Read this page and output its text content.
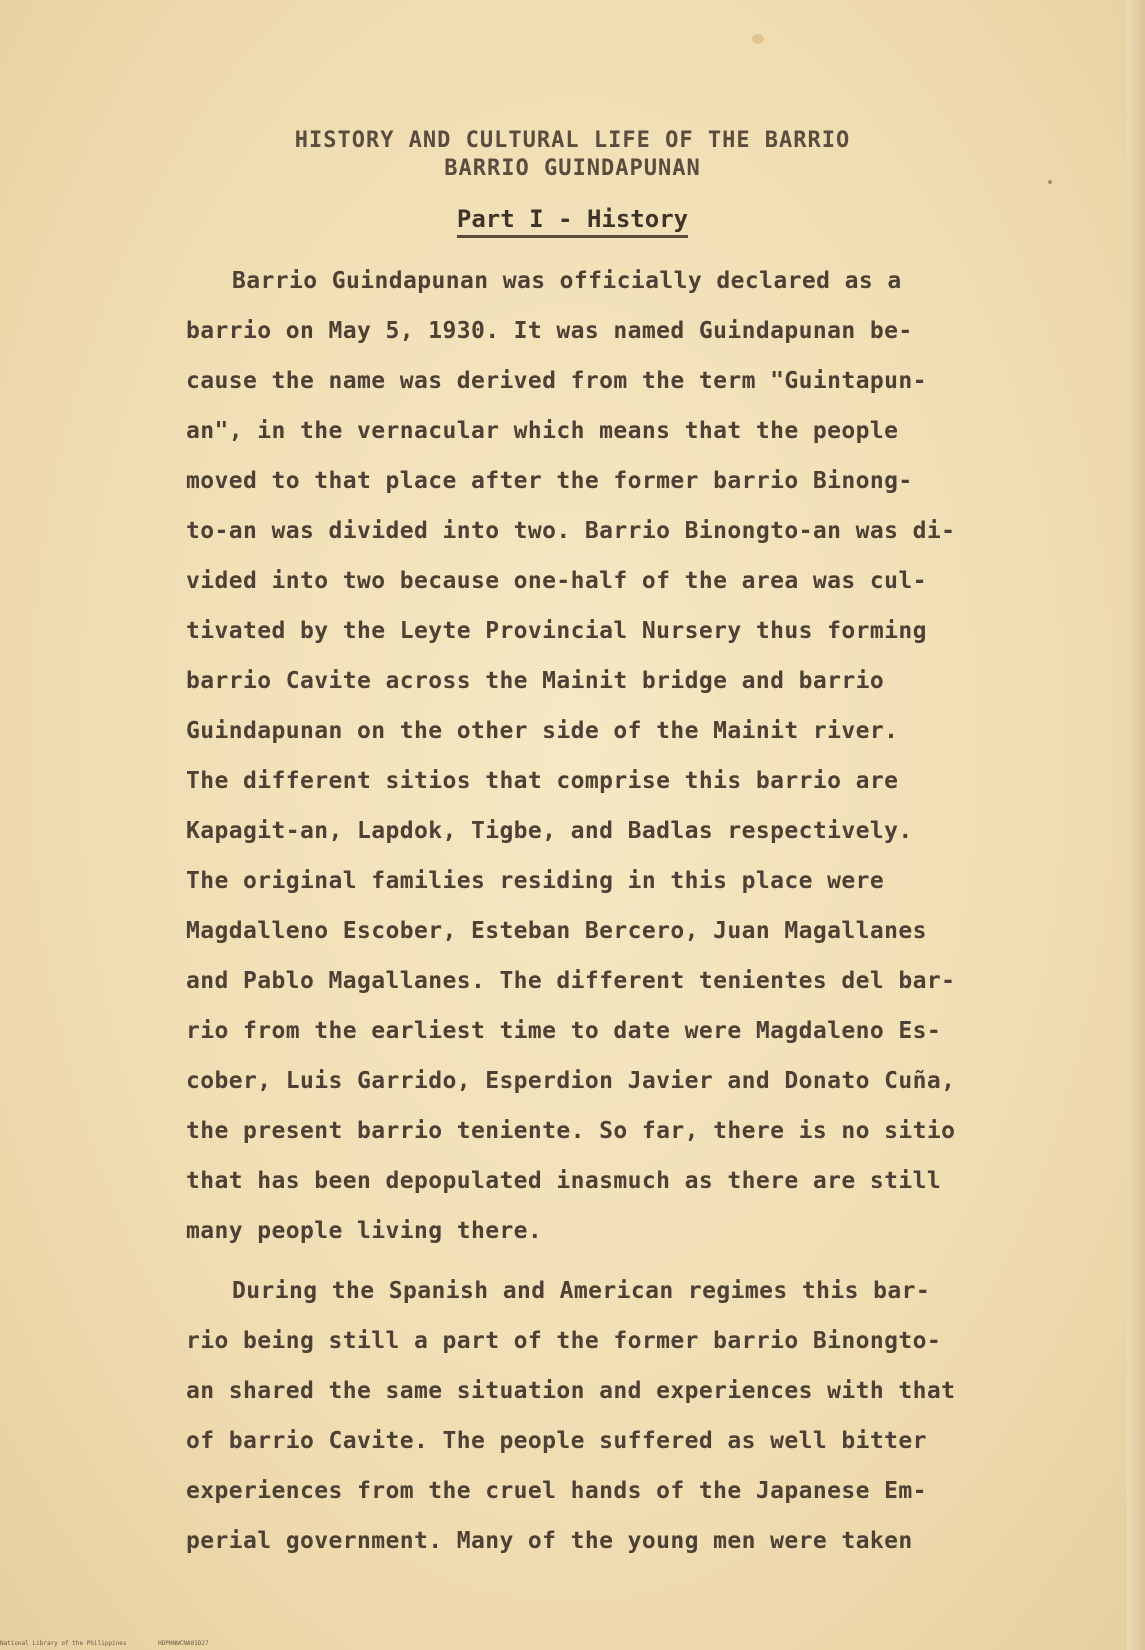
HISTORY AND CULTURAL LIFE OF THE BARRIO
BARRIO GUINDAPUNAN
Part I - History
Barrio Guindapunan was officially declared as a
barrio on May 5, 1930. It was named Guindapunan be-
cause the name was derived from the term "Guintapun-
an", in the vernacular which means that the people
moved to that place after the former barrio Binong-
to-an was divided into two. Barrio Binongto-an was di-
vided into two because one-half of the area was cul-
tivated by the Leyte Provincial Nursery thus forming
barrio Cavite across the Mainit bridge and barrio
Guindapunan on the other side of the Mainit river.
The different sitios that comprise this barrio are
Kapagit-an, Lapdok, Tigbe, and Badlas respectively.
The original families residing in this place were
Magdalleno Escober, Esteban Bercero, Juan Magallanes
and Pablo Magallanes. The different tenientes del bar-
rio from the earliest time to date were Magdaleno Es-
cober, Luis Garrido, Esperdion Javier and Donato Cuña,
the present barrio teniente. So far, there is no sitio
that has been depopulated inasmuch as there are still
many people living there.
During the Spanish and American regimes this bar-
rio being still a part of the former barrio Binongto-
an shared the same situation and experiences with that
of barrio Cavite. The people suffered as well bitter
experiences from the cruel hands of the Japanese Em-
perial government. Many of the young men were taken
National Library of the Philippines	HDPHNWCNA01D27
